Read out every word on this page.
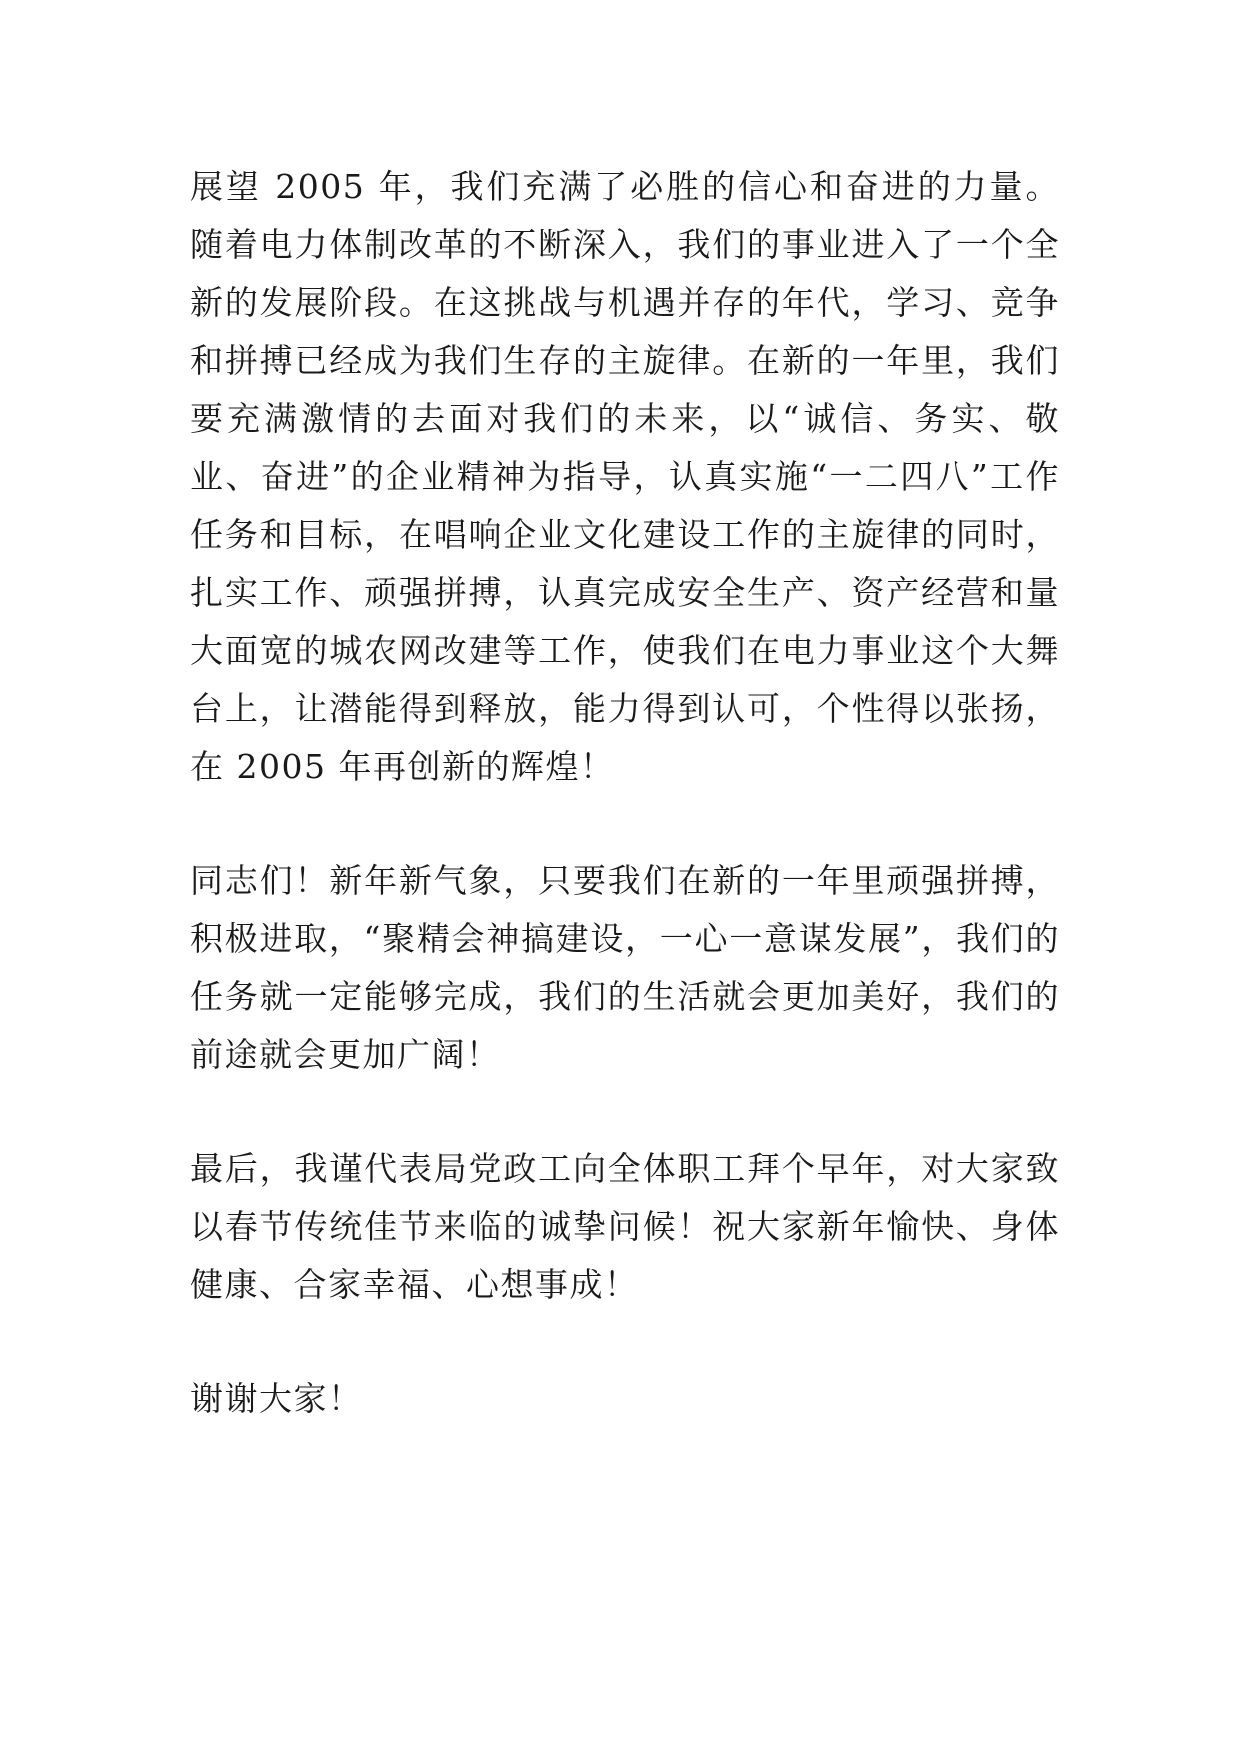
展望 2005 年，我们充满了必胜的信心和奋进的力量。随着电力体制改革的不断深入，我们的事业进入了一个全新的发展阶段。在这挑战与机遇并存的年代，学习、竞争和拼搏已经成为我们生存的主旋律。在新的一年里，我们要充满激情的去面对我们的未来，以“诚信、务实、敬业、奋进”的企业精神为指导，认真实施“一二四八”工作任务和目标，在唱响企业文化建设工作的主旋律的同时，扎实工作、顽强拼搏，认真完成安全生产、资产经营和量大面宽的城农网改建等工作，使我们在电力事业这个大舞台上，让潜能得到释放，能力得到认可，个性得以张扬，在 2005 年再创新的辉煌！

同志们！新年新气象，只要我们在新的一年里顽强拼搏，积极进取，“聚精会神搞建设，一心一意谋发展”，我们的任务就一定能够完成，我们的生活就会更加美好，我们的前途就会更加广阔！

最后，我谨代表局党政工向全体职工拜个早年，对大家致以春节传统佳节来临的诚挚问候！祝大家新年愉快、身体健康、合家幸福、心想事成！

谢谢大家！
